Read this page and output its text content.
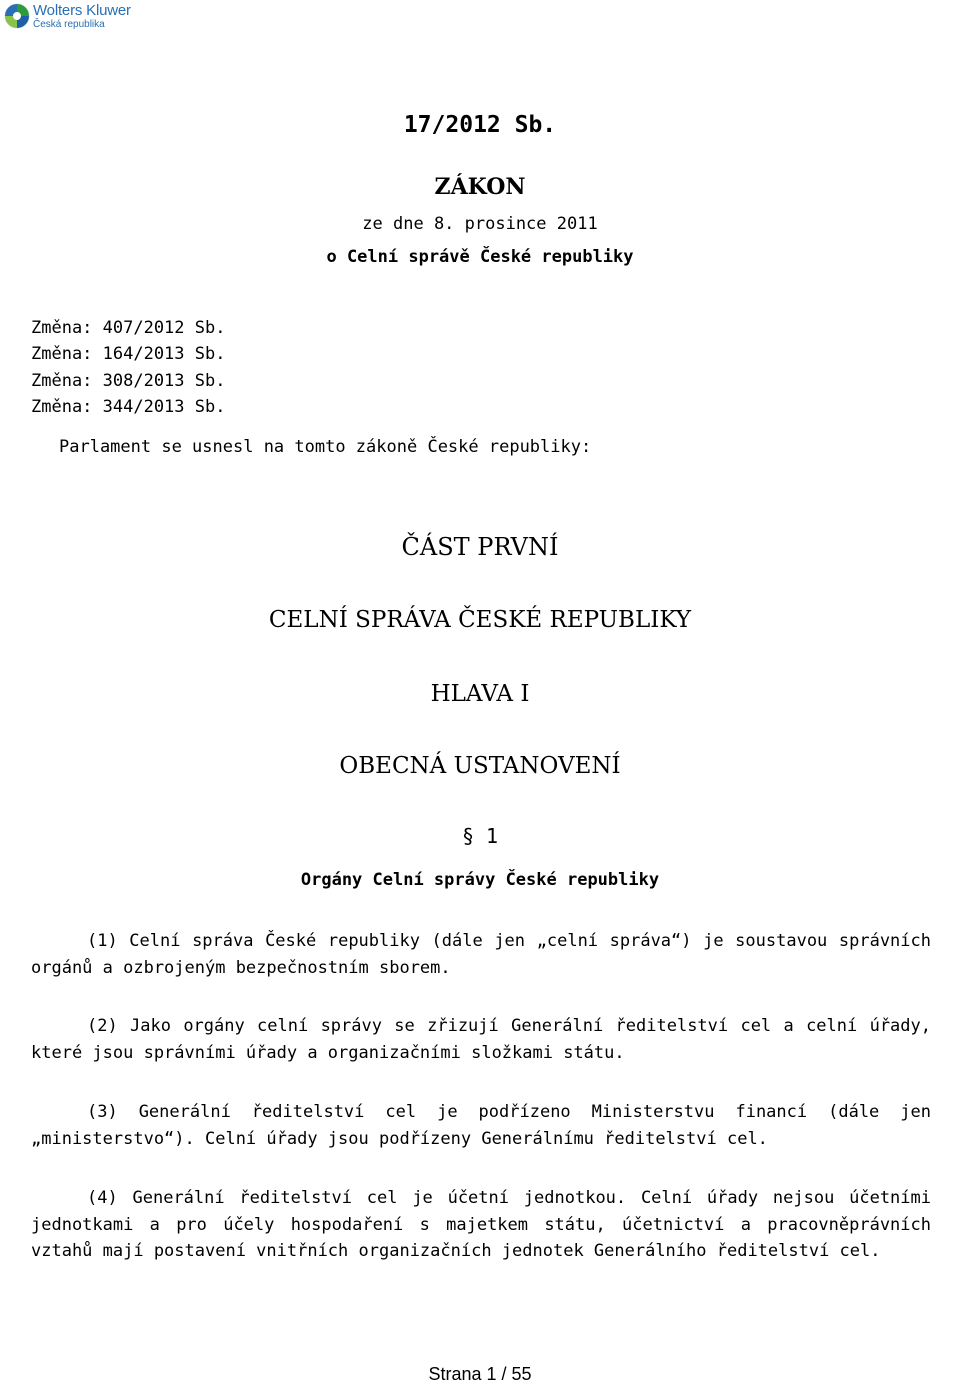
Wolters Kluwer
Česká republika
17/2012 Sb.
ZÁKON
ze dne 8. prosince 2011
o Celní správě České republiky
Změna: 407/2012 Sb.
Změna: 164/2013 Sb.
Změna: 308/2013 Sb.
Změna: 344/2013 Sb.
Parlament se usnesl na tomto zákoně České republiky:
ČÁST PRVNÍ
CELNÍ SPRÁVA ČESKÉ REPUBLIKY
HLAVA I
OBECNÁ USTANOVENÍ
§ 1
Orgány Celní správy České republiky
(1) Celní správa České republiky (dále jen „celní správa“) je soustavou správních orgánů a ozbrojeným bezpečnostním sborem.
(2) Jako orgány celní správy se zřizují Generální ředitelství cel a celní úřady, které jsou správními úřady a organizačními složkami státu.
(3) Generální ředitelství cel je podřízeno Ministerstvu financí (dále jen „ministerstvo“). Celní úřady jsou podřízeny Generálnímu ředitelství cel.
(4) Generální ředitelství cel je účetní jednotkou. Celní úřady nejsou účetními jednotkami a pro účely hospodaření s majetkem státu, účetnictví a pracovněprávních vztahů mají postavení vnitřních organizačních jednotek Generálního ředitelství cel.
Strana 1 / 55
